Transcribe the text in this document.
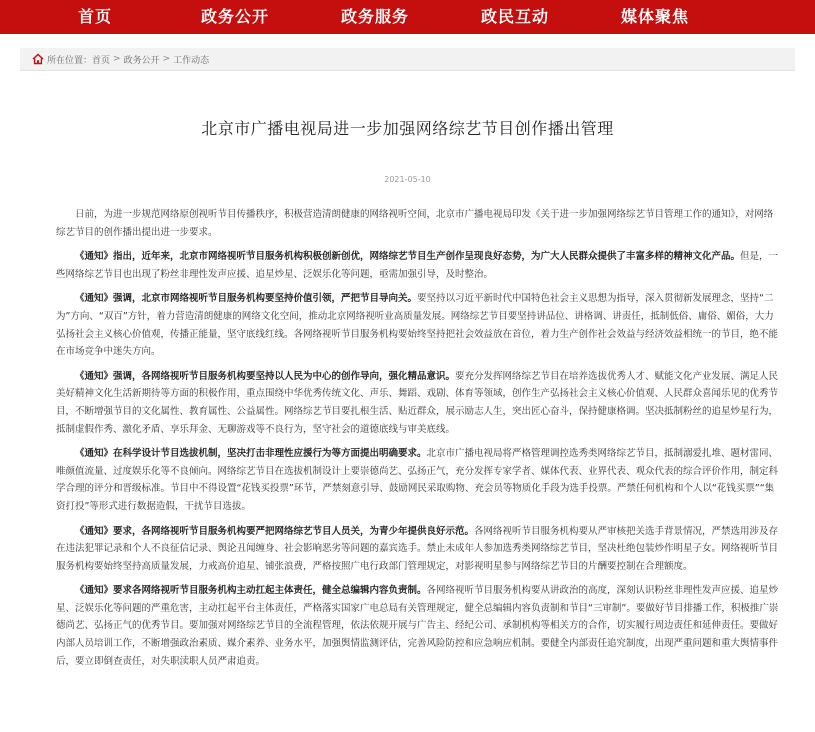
首页	政务公开	政务服务	政民互动	媒体聚焦
所在位置： 首页 > 政务公开 > 工作动态
北京市广播电视局进一步加强网络综艺节目创作播出管理
2021-05-10

日前，为进一步规范网络原创视听节目传播秩序，积极营造清朗健康的网络视听空间，北京市广播电视局印发《关于进一步加强网络综艺节目管理工作的通知》，对网络综艺节目的创作播出提出进一步要求。

《通知》指出，近年来，北京市网络视听节目服务机构积极创新创优，网络综艺节目生产创作呈现良好态势，为广大人民群众提供了丰富多样的精神文化产品。但是，一些网络综艺节目也出现了粉丝非理性发声应援、追星炒星、泛娱乐化等问题，亟需加强引导，及时整治。

《通知》强调，北京市网络视听节目服务机构要坚持价值引领，严把节目导向关。要坚持以习近平新时代中国特色社会主义思想为指导，深入贯彻新发展理念，坚持“二为”方向、“双百”方针，着力营造清朗健康的网络文化空间，推动北京网络视听业高质量发展。网络综艺节目要坚持讲品位、讲格调、讲责任，抵制低俗、庸俗、媚俗，大力弘扬社会主义核心价值观，传播正能量，坚守底线红线。各网络视听节目服务机构要始终坚持把社会效益放在首位，着力生产创作社会效益与经济效益相统一的节目，绝不能在市场竞争中迷失方向。

《通知》强调，各网络视听节目服务机构要坚持以人民为中心的创作导向，强化精品意识。要充分发挥网络综艺节目在培养选拔优秀人才、赋能文化产业发展、满足人民美好精神文化生活新期待等方面的积极作用，重点围绕中华优秀传统文化、声乐、舞蹈、戏剧、体育等领域，创作生产弘扬社会主义核心价值观、人民群众喜闻乐见的优秀节目，不断增强节目的文化属性、教育属性、公益属性。网络综艺节目要扎根生活、贴近群众，展示励志人生，突出匠心奋斗，保持健康格调。坚决抵制粉丝的追星炒星行为，抵制虚假作秀、激化矛盾、享乐拜金、无聊游戏等不良行为，坚守社会的道德底线与审美底线。

《通知》在科学设计节目选拔机制，坚决打击非理性应援行为等方面提出明确要求。北京市广播电视局将严格管理调控选秀类网络综艺节目，抵制溺爱扎堆、题材雷同、唯颜值流量、过度娱乐化等不良倾向。网络综艺节目在选拔机制设计上要崇德尚艺、弘扬正气，充分发挥专家学者、媒体代表、业界代表、观众代表的综合评价作用，制定科学合理的评分和晋级标准。节目中不得设置“花钱买投票”环节，严禁刻意引导、鼓励网民采取购物、充会员等物质化手段为选手投票。严禁任何机构和个人以“花钱买票”“集资打投”等形式进行数据造假，干扰节目选拔。

《通知》要求，各网络视听节目服务机构要严把网络综艺节目人员关，为青少年提供良好示范。各网络视听节目服务机构要从严审核把关选手背景情况，严禁选用涉及存在违法犯罪记录和个人不良征信记录、舆论丑闻缠身、社会影响恶劣等问题的嘉宾选手。禁止未成年人参加选秀类网络综艺节目，坚决杜绝包装炒作明星子女。网络视听节目服务机构要始终坚持高质量发展，力戒高价追星、铺张浪费，严格按照广电行政部门管理规定，对影视明星参与网络综艺节目的片酬要控制在合理额度。

《通知》要求各网络视听节目服务机构主动扛起主体责任，健全总编辑内容负责制。各网络视听节目服务机构要从讲政治的高度，深刻认识粉丝非理性发声应援、追星炒星、泛娱乐化等问题的严重危害，主动扛起平台主体责任，严格落实国家广电总局有关管理规定，健全总编辑内容负责制和节目“三审制”。要做好节目排播工作，积极推广崇德尚艺、弘扬正气的优秀节目。要加强对网络综艺节目的全流程管理，依法依规开展与广告主、经纪公司、承制机构等相关方的合作，切实履行周边责任和延伸责任。要做好内部人员培训工作，不断增强政治素质、媒介素养、业务水平，加强舆情监测评估，完善风险防控和应急响应机制。要健全内部责任追究制度，出现严重问题和重大舆情事件后，要立即倒查责任，对失职渎职人员严肃追责。
